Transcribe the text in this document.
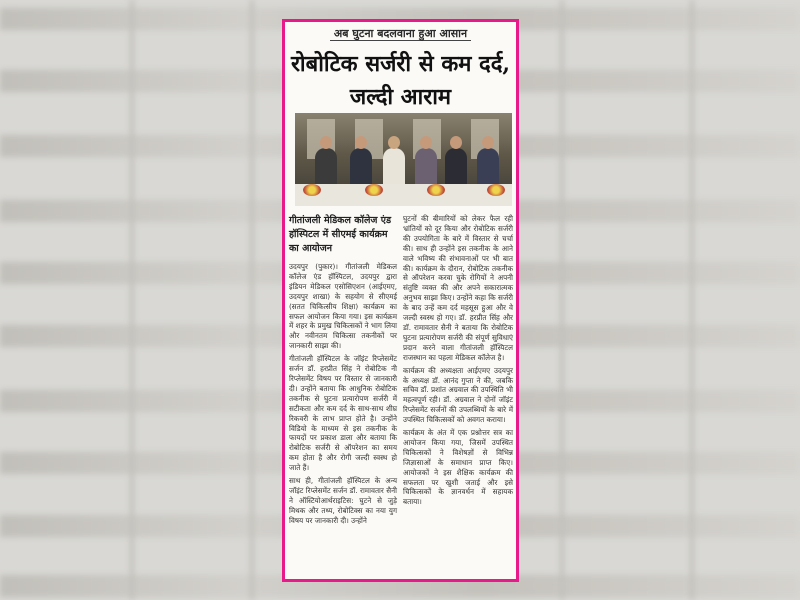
अब घुटना बदलवाना हुआ आसान
रोबोटिक सर्जरी से कम दर्द, जल्दी आराम
गीतांजली मेडिकल कॉलेज एंड हॉस्पिटल में सीएमई कार्यक्रम का आयोजन

उदयपुर (पुकार)। गीतांजली मेडिकल कॉलेज एंड हॉस्पिटल, उदयपुर द्वारा इंडियन मेडिकल एसोसिएशन (आईएमए, उदयपुर शाखा) के सहयोग से सीएमई (सतत चिकित्सीय शिक्षा) कार्यक्रम का सफल आयोजन किया गया। इस कार्यक्रम में शहर के प्रमुख चिकित्सकों ने भाग लिया और नवीनतम चिकित्सा तकनीकों पर जानकारी साझा की।

गीतांजली हॉस्पिटल के जॉइंट रिप्लेसमेंट सर्जन डॉ. हरप्रीत सिंह ने रोबोटिक नी रिप्लेसमेंट विषय पर विस्तार से जानकारी दी। उन्होंने बताया कि आधुनिक रोबोटिक तकनीक से घुटना प्रत्यारोपण सर्जरी में सटीकता और कम दर्द के साथ-साथ शीघ्र रिकवरी के लाभ प्राप्त होते है। उन्होंने विडियो के माध्यम से इस तकनीक के फायदों पर प्रकाश डाला और बताया कि रोबोटिक सर्जरी से ऑपरेशन का समय कम होता है और रोगी जल्दी स्वस्थ हो जाते हैं।

साथ ही, गीतांजली हॉस्पिटल के अन्य जॉइंट रिप्लेसमेंट सर्जन डॉ. रामावतार सैनी ने ऑस्टियोआर्थराइटिस: घुटने से जुड़े मिथक और तथ्य, रोबोटिक्स का नया युग विषय पर जानकारी दी। उन्होंने

घुटनों की बीमारियों को लेकर फैल रही भ्रांतियों को दूर किया और रोबोटिक सर्जरी की उपयोगिता के बारे में विस्तार से चर्चा की। साथ ही उन्होंने इस तकनीक के आने वाले भविष्य की संभावनाओं पर भी बात की। कार्यक्रम के दौरान, रोबोटिक तकनीक से ऑपरेशन करवा चुके रोगियों ने अपनी संतुष्टि व्यक्त की और अपने सकारात्मक अनुभव साझा किए। उन्होंने कहा कि सर्जरी के बाद उन्हें कम दर्द महसूस हुआ और वे जल्दी स्वस्थ हो गए। डॉ. हरप्रीत सिंह और डॉ. रामावतार सैनी ने बताया कि रोबोटिक घुटना प्रत्यारोपण सर्जरी की संपूर्ण सुविधाएं प्रदान करने वाला गीतांजली हॉस्पिटल राजस्थान का पहला मेडिकल कॉलेज है।

कार्यक्रम की अध्यक्षता आईएमए उदयपुर के अध्यक्ष डॉ. आनंद गुप्ता ने की, जबकि सचिव डॉ. प्रशांत अग्रवाल की उपस्थिति भी महत्वपूर्ण रही। डॉ. अग्रवाल ने दोनों जॉइंट रिप्लेसमेंट सर्जनों की उपलब्धियों के बारे में उपस्थित चिकित्सकों को अवगत कराया।

कार्यक्रम के अंत में एक प्रश्नोत्तर सत्र का आयोजन किया गया, जिसमें उपस्थित चिकित्सकों ने विशेषज्ञों से विभिन्न जिज्ञासाओं के समाधान प्राप्त किए। आयोजकों ने इस शैक्षिक कार्यक्रम की सफलता पर खुशी जताई और इसे चिकित्सकों के ज्ञानवर्धन में सहायक बताया।
